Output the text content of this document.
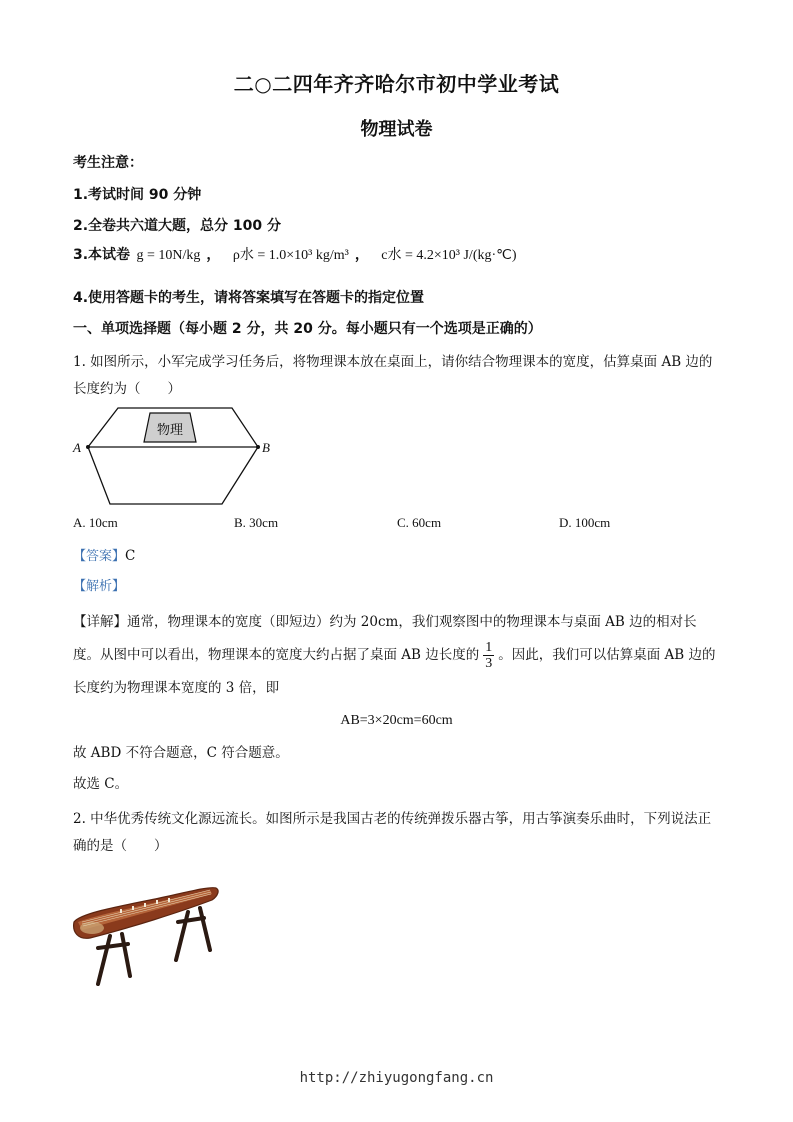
二○二四年齐齐哈尔市初中学业考试
物理试卷
考生注意：
1.考试时间 90 分钟
2.全卷共六道大题，总分 100 分
3.本试卷 g = 10N/kg ， ρ水 = 1.0×10³ kg/m³ ， c水 = 4.2×10³ J/(kg·℃)
4.使用答题卡的考生，请将答案填写在答题卡的指定位置
一、单项选择题（每小题 2 分，共 20 分。每小题只有一个选项是正确的）
1. 如图所示，小军完成学习任务后，将物理课本放在桌面上，请你结合物理课本的宽度，估算桌面 AB 边的长度约为（　　）
物理
A	B
A. 10cm	B. 30cm	C. 60cm	D. 100cm
【答案】C
【解析】
【详解】通常，物理课本的宽度（即短边）约为 20cm，我们观察图中的物理课本与桌面 AB 边的相对长度。从图中可以看出，物理课本的宽度大约占据了桌面 AB 边长度的 $\frac{1}{3}$ 。因此，我们可以估算桌面 AB 边的长度约为物理课本宽度的 3 倍，即
AB=3×20cm=60cm
故 ABD 不符合题意，C 符合题意。
故选 C。
2. 中华优秀传统文化源远流长。如图所示是我国古老的传统弹拨乐器古筝，用古筝演奏乐曲时，下列说法正确的是（　　）
http://zhiyugongfang.cn
